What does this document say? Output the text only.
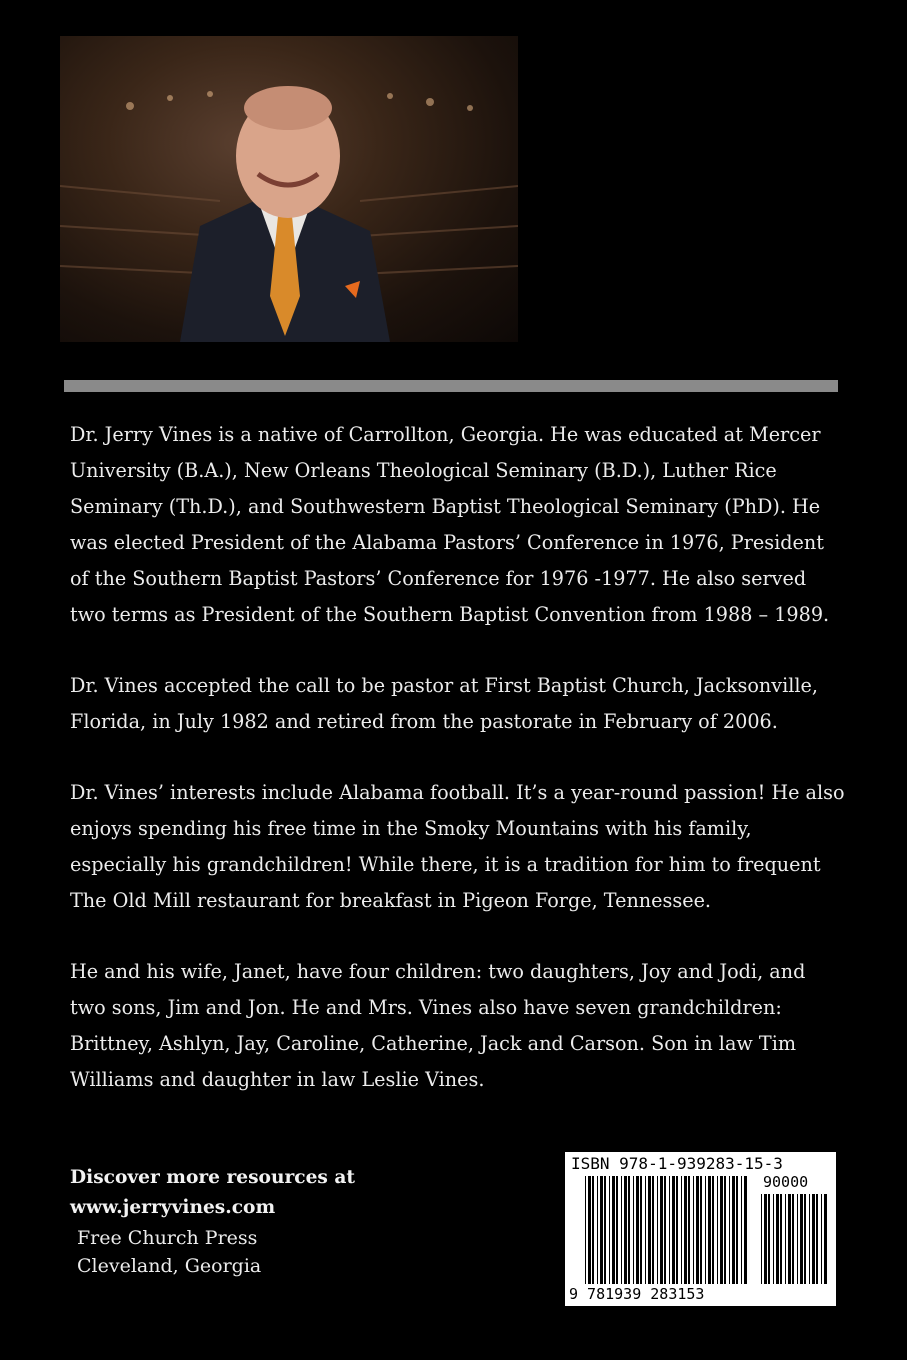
Dr. Jerry Vines is a native of Carrollton, Georgia. He was educated at Mercer University (B.A.), New Orleans Theological Seminary (B.D.), Luther Rice Seminary (Th.D.), and Southwestern Baptist Theological Seminary (PhD). He was elected President of the Alabama Pastors’ Conference in 1976, President of the Southern Baptist Pastors’ Conference for 1976 -1977. He also served two terms as President of the Southern Baptist Convention from 1988 – 1989.

Dr. Vines accepted the call to be pastor at First Baptist Church, Jacksonville, Florida, in July 1982 and retired from the pastorate in February of 2006.

Dr. Vines’ interests include Alabama football. It’s a year-round passion! He also enjoys spending his free time in the Smoky Mountains with his family, especially his grandchildren! While there, it is a tradition for him to frequent The Old Mill restaurant for breakfast in Pigeon Forge, Tennessee.

He and his wife, Janet, have four children: two daughters, Joy and Jodi, and two sons, Jim and Jon. He and Mrs. Vines also have seven grandchildren: Brittney, Ashlyn, Jay, Caroline, Catherine, Jack and Carson. Son in law Tim Williams and daughter in law Leslie Vines.

Discover more resources at www.jerryvines.com
Free Church Press
Cleveland, Georgia
ISBN 978-1-939283-15-3
90000
9 781939 283153
